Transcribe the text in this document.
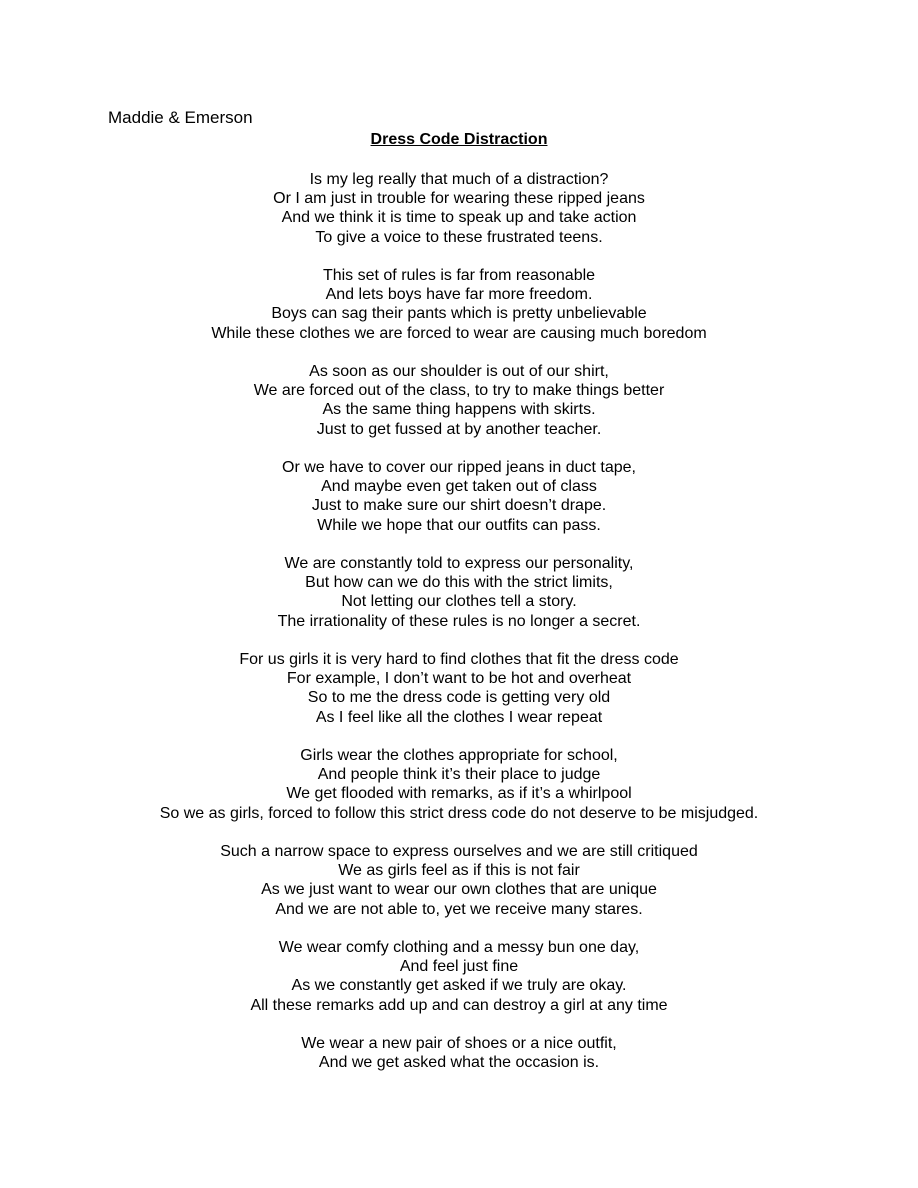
Maddie & Emerson
Dress Code Distraction
Is my leg really that much of a distraction?
Or I am just in trouble for wearing these ripped jeans
And we think it is time to speak up and take action
To give a voice to these frustrated teens.
This set of rules is far from reasonable
And lets boys have far more freedom.
Boys can sag their pants which is pretty unbelievable
While these clothes we are forced to wear are causing much boredom
As soon as our shoulder is out of our shirt,
We are forced out of the class, to try to make things better
As the same thing happens with skirts.
Just to get fussed at by another teacher.
Or we have to cover our ripped jeans in duct tape,
And maybe even get taken out of class
Just to make sure our shirt doesn’t drape.
While we hope that our outfits can pass.
We are constantly told to express our personality,
But how can we do this with the strict limits,
Not letting our clothes tell a story.
The irrationality of these rules is no longer a secret.
For us girls it is very hard to find clothes that fit the dress code
For example, I don’t want to be hot and overheat
So to me the dress code is getting very old
As I feel like all the clothes I wear repeat
Girls wear the clothes appropriate for school,
And people think it’s their place to judge
We get flooded with remarks, as if it’s a whirlpool
So we as girls, forced to follow this strict dress code do not deserve to be misjudged.
Such a narrow space to express ourselves and we are still critiqued
We as girls feel as if this is not fair
As we just want to wear our own clothes that are unique
And we are not able to, yet we receive many stares.
We wear comfy clothing and a messy bun one day,
And feel just fine
As we constantly get asked if we truly are okay.
All these remarks add up and can destroy a girl at any time
We wear a new pair of shoes or a nice outfit,
And we get asked what the occasion is.
